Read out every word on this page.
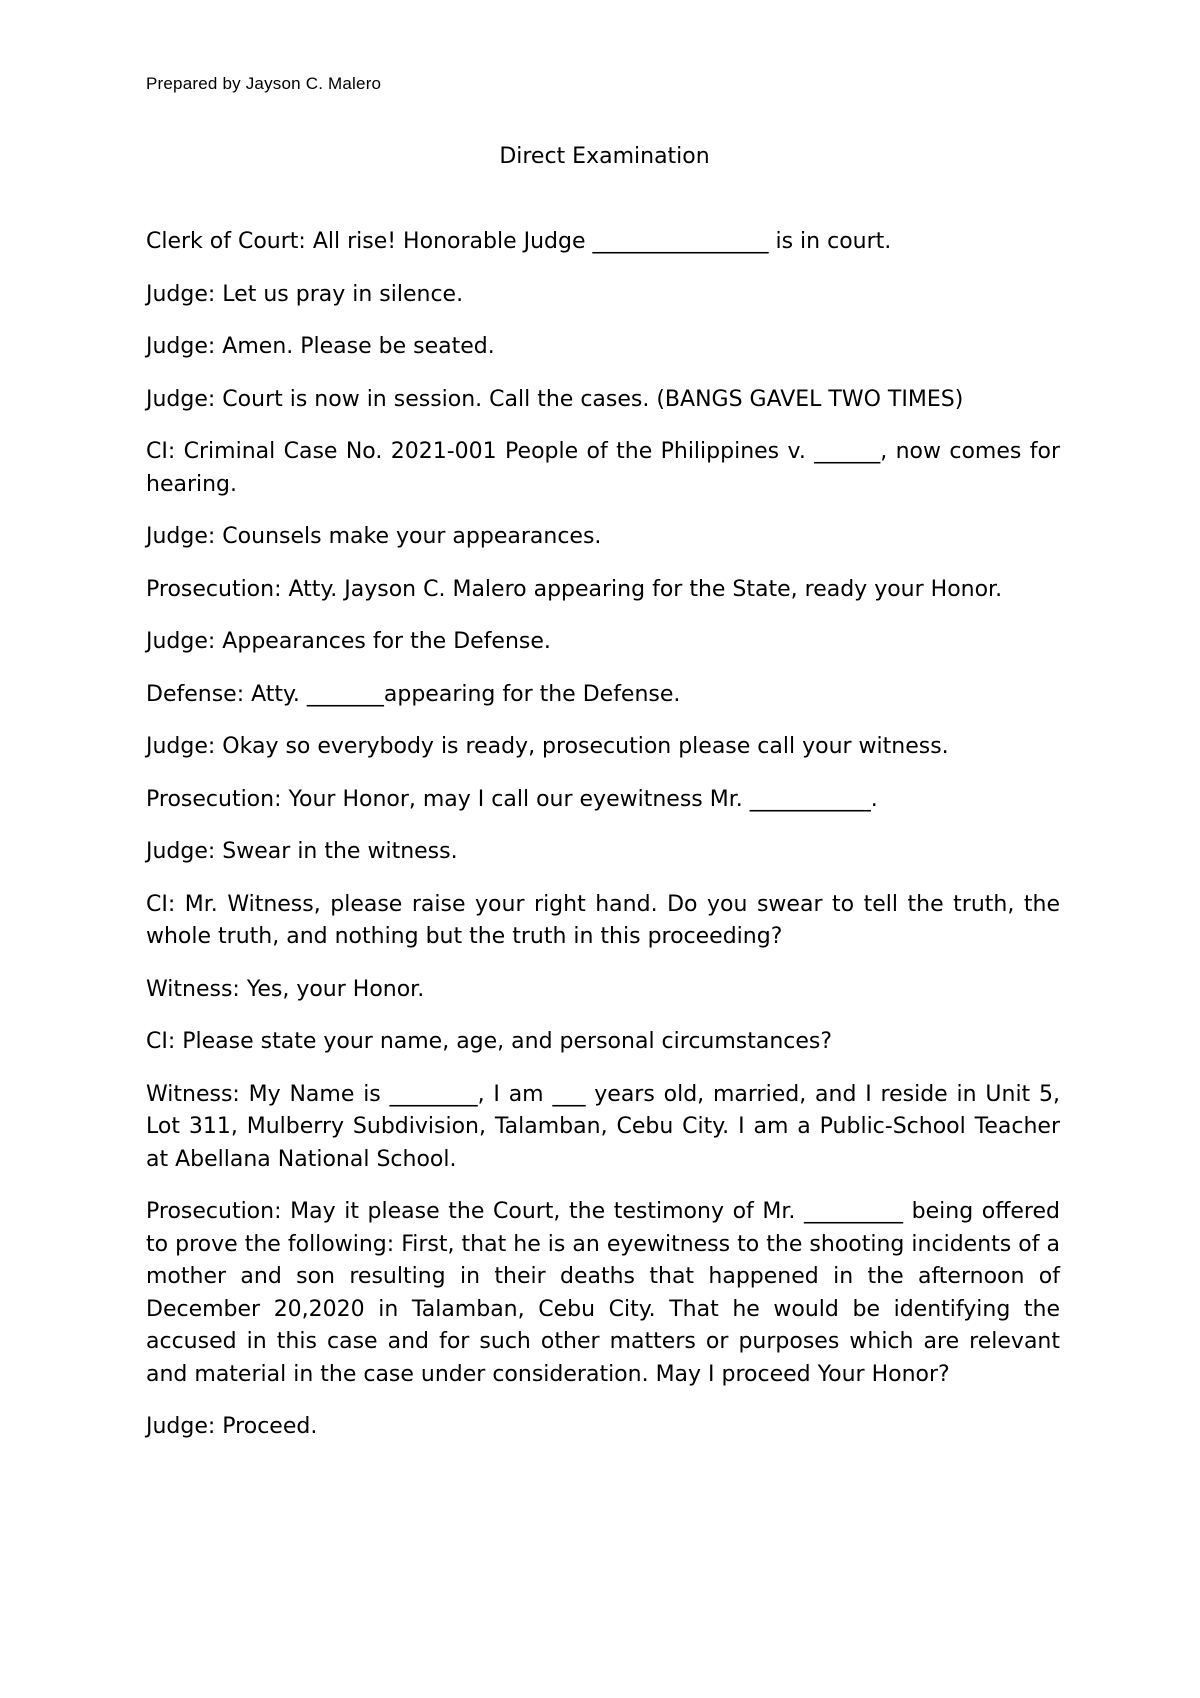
Prepared by Jayson C. Malero
Direct Examination

Clerk of Court: All rise! Honorable Judge ________________ is in court.

Judge: Let us pray in silence.

Judge: Amen. Please be seated.

Judge: Court is now in session. Call the cases. (BANGS GAVEL TWO TIMES)

CI: Criminal Case No. 2021-001 People of the Philippines v. ______, now comes for hearing.

Judge: Counsels make your appearances.

Prosecution: Atty. Jayson C. Malero appearing for the State, ready your Honor.

Judge: Appearances for the Defense.

Defense: Atty. _______appearing for the Defense.

Judge: Okay so everybody is ready, prosecution please call your witness.

Prosecution: Your Honor, may I call our eyewitness Mr. ___________.

Judge: Swear in the witness.

CI: Mr. Witness, please raise your right hand. Do you swear to tell the truth, the whole truth, and nothing but the truth in this proceeding?

Witness: Yes, your Honor.

CI: Please state your name, age, and personal circumstances?

Witness: My Name is ________, I am ___ years old, married, and I reside in Unit 5, Lot 311, Mulberry Subdivision, Talamban, Cebu City. I am a Public-School Teacher at Abellana National School.

Prosecution: May it please the Court, the testimony of Mr. _________ being offered to prove the following: First, that he is an eyewitness to the shooting incidents of a mother and son resulting in their deaths that happened in the afternoon of December 20,2020 in Talamban, Cebu City. That he would be identifying the accused in this case and for such other matters or purposes which are relevant and material in the case under consideration. May I proceed Your Honor?

Judge: Proceed.
